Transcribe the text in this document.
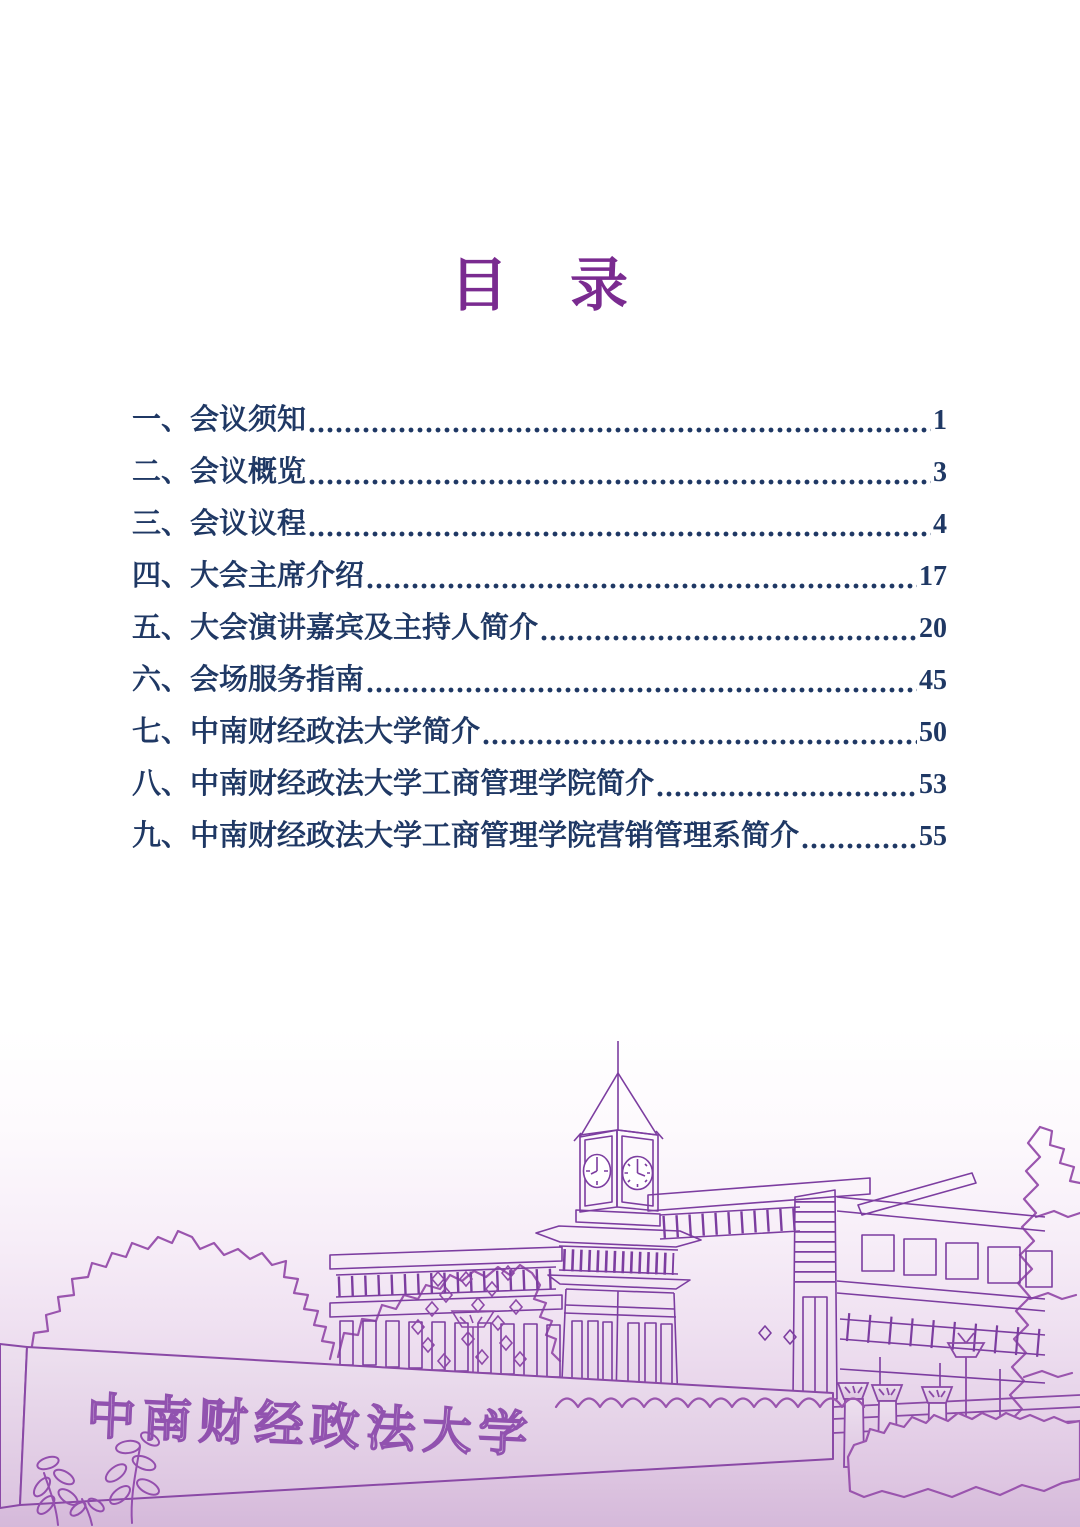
目　录
一、会议须知	1
二、会议概览	3
三、会议议程	4
四、大会主席介绍	17
五、大会演讲嘉宾及主持人简介	20
六、会场服务指南	45
七、中南财经政法大学简介	50
八、中南财经政法大学工商管理学院简介	53
九、中南财经政法大学工商管理学院营销管理系简介	55
中南财经政法大学
